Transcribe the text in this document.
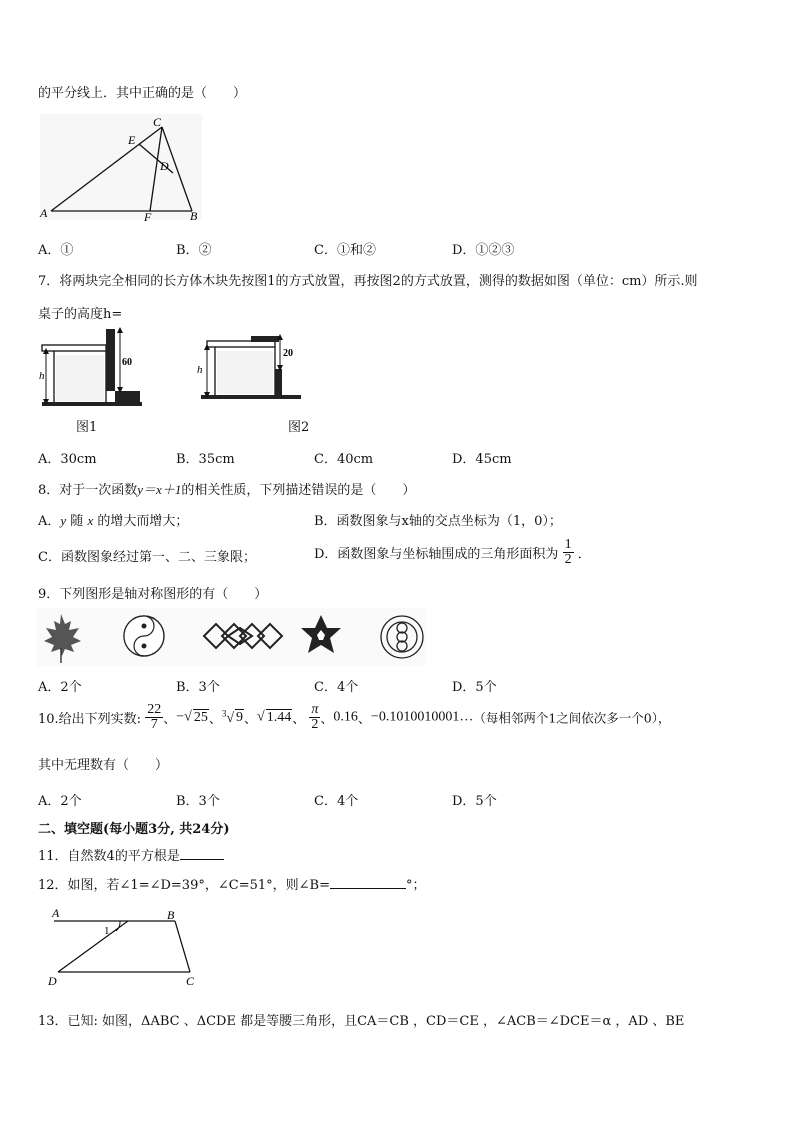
的平分线上．其中正确的是（　　）
A	B
C
D
E
F
A．①	B．②	C．①和②	D．①②③
7．将两块完全相同的长方体木块先按图1的方式放置，再按图2的方式放置，测得的数据如图（单位：cm）所示.则
桌子的高度h=
h
60
图1
h
20
图2
A．30cm	B．35cm	C．40cm	D．45cm
8．对于一次函数y＝x＋1的相关性质，下列描述错误的是（　　）
A．y 随 x 的增大而增大；	B．函数图象与x轴的交点坐标为（1，0）；
C．函数图象经过第一、二、三象限；	D．函数图象与坐标轴围成的三角形面积为 $\frac{1}{2}$ ．
9．下列图形是轴对称图形的有（　　）
A．2个	B．3个	C．4个	D．5个
10.给出下列实数: $\frac{22}{7}$ 、−√ 25、$^3$√ 9、√ 1.44、 $\frac{\pi}{2}$ 、0.16、−0.1010010001…（每相邻两个1之间依次多一个0），
其中无理数有（　　）
A．2个	B．3个	C．4个	D．5个
二、填空题(每小题3分, 共24分)
11．自然数4的平方根是
12．如图，若∠1=∠D=39°，∠C=51°，则∠B=	°；
A	B
C
D
1
13．已知: 如图，ΔABC 、ΔCDE 都是等腰三角形，且CA＝CB ，CD＝CE ，∠ACB＝∠DCE＝α ，AD 、BE
